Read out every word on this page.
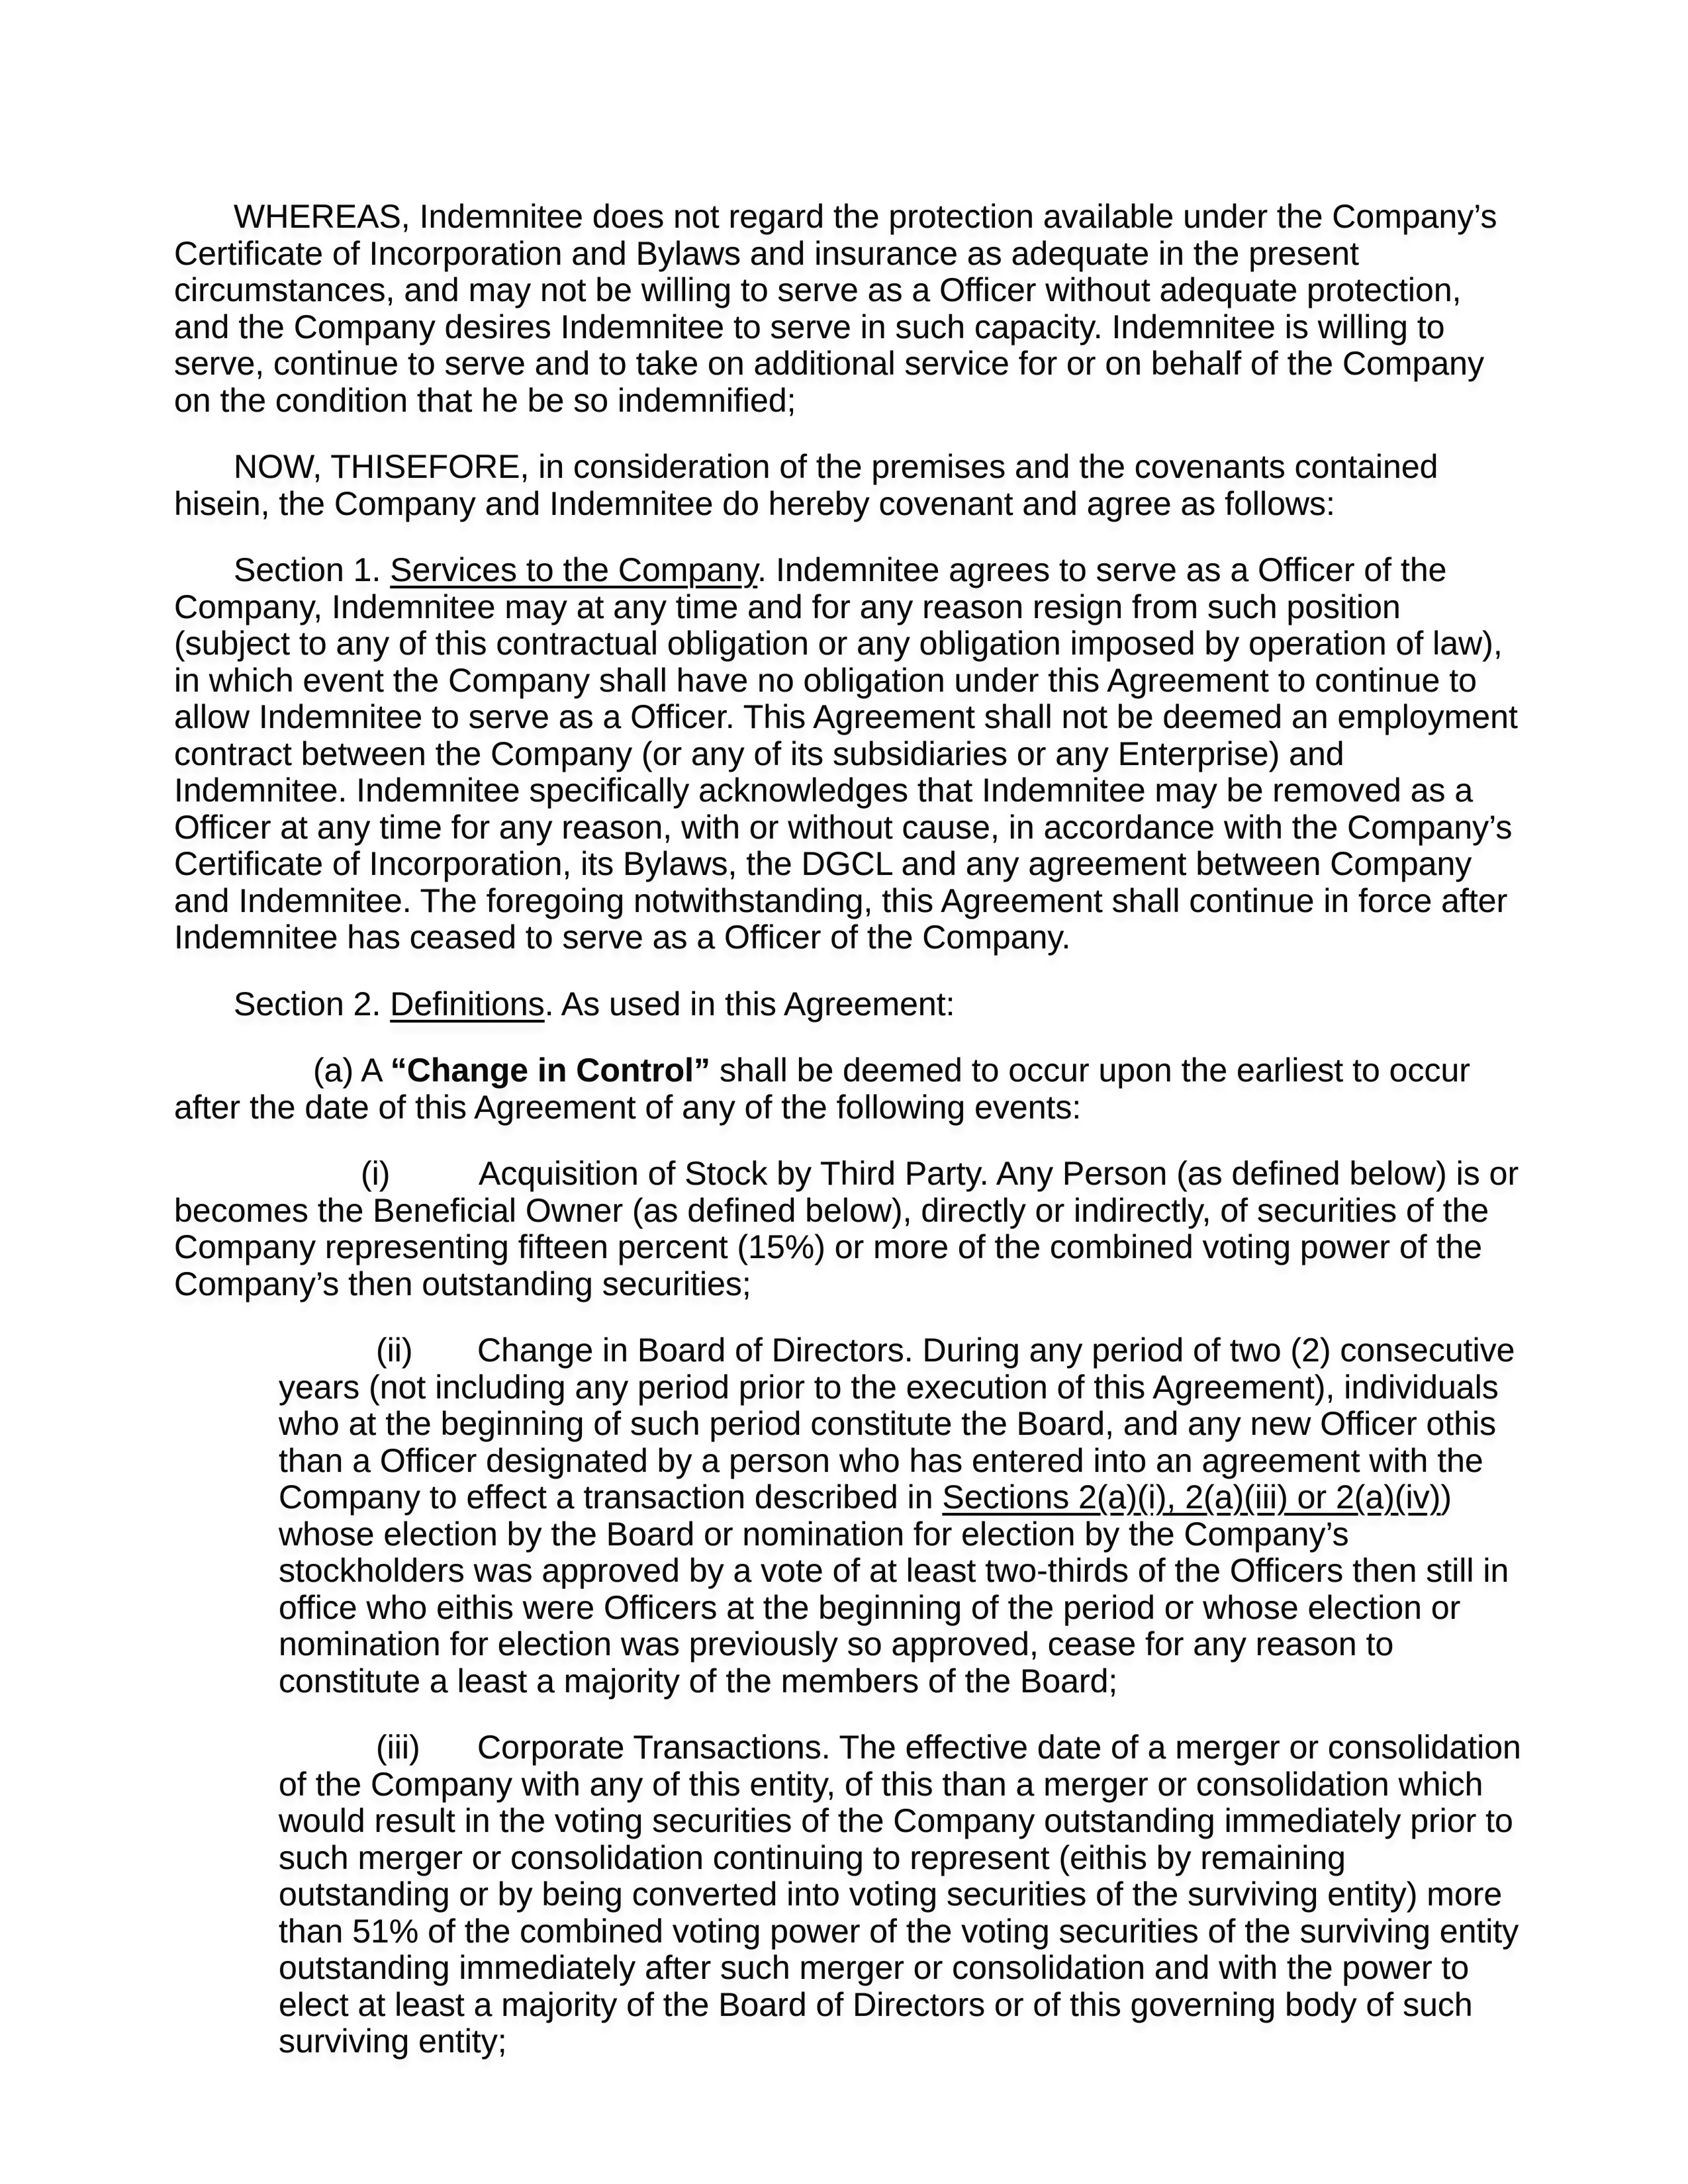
WHEREAS, Indemnitee does not regard the protection available under the Company’s Certificate of Incorporation and Bylaws and insurance as adequate in the present circumstances, and may not be willing to serve as a Officer without adequate protection, and the Company desires Indemnitee to serve in such capacity. Indemnitee is willing to serve, continue to serve and to take on additional service for or on behalf of the Company on the condition that he be so indemnified;

NOW, THISEFORE, in consideration of the premises and the covenants contained hisein, the Company and Indemnitee do hereby covenant and agree as follows:

Section 1. Services to the Company. Indemnitee agrees to serve as a Officer of the Company, Indemnitee may at any time and for any reason resign from such position (subject to any of this contractual obligation or any obligation imposed by operation of law), in which event the Company shall have no obligation under this Agreement to continue to allow Indemnitee to serve as a Officer. This Agreement shall not be deemed an employment contract between the Company (or any of its subsidiaries or any Enterprise) and Indemnitee. Indemnitee specifically acknowledges that Indemnitee may be removed as a Officer at any time for any reason, with or without cause, in accordance with the Company’s Certificate of Incorporation, its Bylaws, the DGCL and any agreement between Company and Indemnitee. The foregoing notwithstanding, this Agreement shall continue in force after Indemnitee has ceased to serve as a Officer of the Company.

Section 2. Definitions. As used in this Agreement:

(a) A “Change in Control” shall be deemed to occur upon the earliest to occur after the date of this Agreement of any of the following events:

(i)	Acquisition of Stock by Third Party. Any Person (as defined below) is or becomes the Beneficial Owner (as defined below), directly or indirectly, of securities of the Company representing fifteen percent (15%) or more of the combined voting power of the Company’s then outstanding securities;

(ii) Change in Board of Directors. During any period of two (2) consecutive years (not including any period prior to the execution of this Agreement), individuals who at the beginning of such period constitute the Board, and any new Officer othis than a Officer designated by a person who has entered into an agreement with the Company to effect a transaction described in Sections 2(a)(i), 2(a)(iii) or 2(a)(iv)) whose election by the Board or nomination for election by the Company’s stockholders was approved by a vote of at least two-thirds of the Officers then still in office who eithis were Officers at the beginning of the period or whose election or nomination for election was previously so approved, cease for any reason to constitute a least a majority of the members of the Board;

(iii) Corporate Transactions. The effective date of a merger or consolidation of the Company with any of this entity, of this than a merger or consolidation which would result in the voting securities of the Company outstanding immediately prior to such merger or consolidation continuing to represent (eithis by remaining outstanding or by being converted into voting securities of the surviving entity) more than 51% of the combined voting power of the voting securities of the surviving entity outstanding immediately after such merger or consolidation and with the power to elect at least a majority of the Board of Directors or of this governing body of such surviving entity;
